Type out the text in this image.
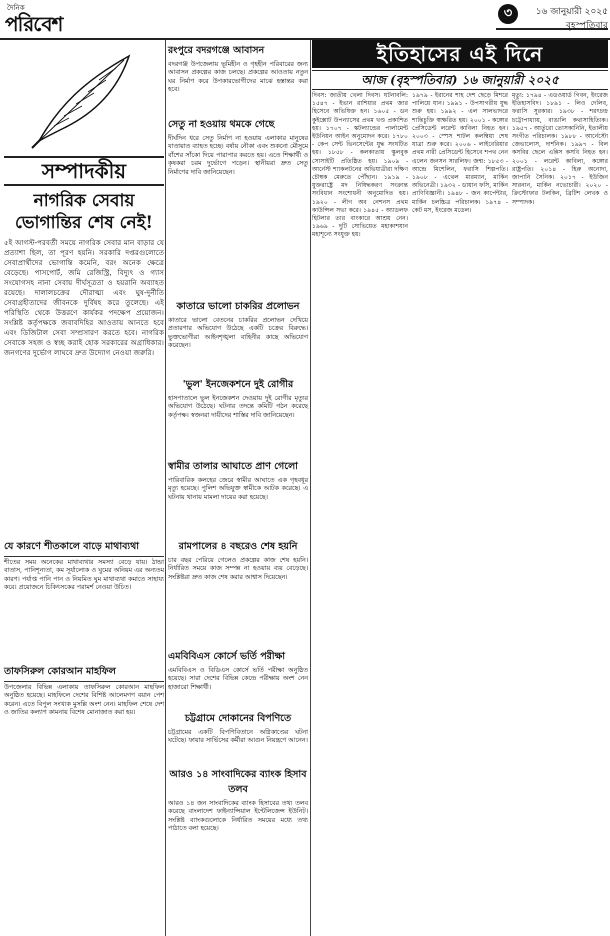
দৈনিক
পরিবেশ	৩	১৬ জানুয়ারী ২০২৫
বৃহস্পতিবার
সম্পাদকীয়
নাগরিক সেবায় ভোগান্তির শেষ নেই!
৫ই আগস্ট-পরবর্তী সময়ে নাগরিক সেবার মান বাড়ার যে প্রত্যাশা ছিল, তা পূরণ হয়নি। সরকারি দপ্তরগুলোতে সেবাপ্রার্থীদের ভোগান্তি কমেনি, বরং অনেক ক্ষেত্রে বেড়েছে। পাসপোর্ট, জমি রেজিস্ট্রি, বিদ্যুৎ ও গ্যাস সংযোগসহ নানা সেবায় দীর্ঘসূত্রতা ও হয়রানি অব্যাহত রয়েছে। দালালচক্রের দৌরাত্ম্য এবং ঘুষ-দুর্নীতি সেবাগ্রহীতাদের জীবনকে দুর্বিষহ করে তুলেছে। এই পরিস্থিতি থেকে উত্তরণে কার্যকর পদক্ষেপ প্রয়োজন। সংশ্লিষ্ট কর্তৃপক্ষকে জবাবদিহির আওতায় আনতে হবে এবং ডিজিটাল সেবা সম্প্রসারণ করতে হবে। নাগরিক সেবাকে সহজ ও স্বচ্ছ করাই হোক সরকারের অগ্রাধিকার। জনগণের দুর্ভোগ লাঘবে দ্রুত উদ্যোগ নেওয়া জরুরি।
যে কারণে শীতকালে বাড়ে মাথাব্যথা
শীতের সময় অনেকের মাথাব্যথার সমস্যা বেড়ে যায়। ঠান্ডা বাতাস, পানিশূন্যতা, কম সূর্যালোক ও ঘুমের অনিয়ম এর অন্যতম কারণ। পর্যাপ্ত পানি পান ও নিয়মিত ঘুম মাথাব্যথা কমাতে সাহায্য করে। প্রয়োজনে চিকিৎসকের পরামর্শ নেওয়া উচিত।
তাফসিরুল কোরআন মাহফিল
উপজেলার বিভিন্ন এলাকায় তাফসিরুল কোরআন মাহফিল অনুষ্ঠিত হয়েছে। মাহফিলে দেশের বিশিষ্ট আলেমগণ বয়ান পেশ করেন। এতে বিপুল সংখ্যক মুসল্লি অংশ নেন। মাহফিল শেষে দেশ ও জাতির কল্যাণ কামনায় বিশেষ মোনাজাত করা হয়।
রংপুরে বদরগঞ্জে আবাসন
বদরগঞ্জ উপজেলায় ভূমিহীন ও গৃহহীন পরিবারের জন্য আবাসন প্রকল্পের কাজ চলছে। প্রকল্পের আওতায় নতুন ঘর নির্মাণ করে উপকারভোগীদের মাঝে হস্তান্তর করা হবে।
সেতু না হওয়ায় থমকে গেছে
দীর্ঘদিন ধরে সেতু নির্মাণ না হওয়ায় এলাকার মানুষের যাতায়াত ব্যাহত হচ্ছে। বর্ষায় নৌকা এবং শুকনো মৌসুমে বাঁশের সাঁকো দিয়ে পারাপার করতে হয়। এতে শিক্ষার্থী ও কৃষকরা চরম দুর্ভোগে পড়েন। স্থানীয়রা দ্রুত সেতু নির্মাণের দাবি জানিয়েছেন।
কাতারে ভালো চাকরির প্রলোভন
কাতারে ভালো বেতনের চাকরির প্রলোভন দেখিয়ে প্রতারণার অভিযোগ উঠেছে একটি চক্রের বিরুদ্ধে। ভুক্তভোগীরা আইনশৃঙ্খলা বাহিনীর কাছে অভিযোগ করেছেন।
'ভুল' ইনজেকশনে দুই রোগীর
হাসপাতালে ভুল ইনজেকশন দেওয়ায় দুই রোগীর মৃত্যুর অভিযোগ উঠেছে। ঘটনার তদন্তে কমিটি গঠন করেছে কর্তৃপক্ষ। স্বজনরা দায়ীদের শাস্তির দাবি জানিয়েছেন।
স্বামীর তালার আঘাতে প্রাণ গেলো
পারিবারিক কলহের জেরে স্বামীর আঘাতে এক গৃহবধূর মৃত্যু হয়েছে। পুলিশ অভিযুক্ত স্বামীকে আটক করেছে। এ ঘটনায় থানায় মামলা দায়ের করা হয়েছে।
রামপালের ৪ বছরেও শেষ হয়নি
চার বছর পেরিয়ে গেলেও প্রকল্পের কাজ শেষ হয়নি। নির্ধারিত সময়ে কাজ সম্পন্ন না হওয়ায় ব্যয় বেড়েছে। সংশ্লিষ্টরা দ্রুত কাজ শেষ করার আশ্বাস দিয়েছেন।
এমবিবিএস কোর্সে ভর্তি পরীক্ষা
এমবিবিএস ও বিডিএস কোর্সে ভর্তি পরীক্ষা অনুষ্ঠিত হয়েছে। সারা দেশের বিভিন্ন কেন্দ্রে পরীক্ষায় অংশ নেন হাজারো শিক্ষার্থী।
চট্টগ্রামে দোকানের বিপণিতে
চট্টগ্রামের একটি বিপণিবিতানে অগ্নিকাণ্ডের ঘটনা ঘটেছে। ফায়ার সার্ভিসের কর্মীরা আগুন নিয়ন্ত্রণে আনেন।
আরও ১৪ সাংবাদিকের ব্যাংক হিসাব তলব
আরও ১৪ জন সাংবাদিকের ব্যাংক হিসাবের তথ্য তলব করেছে বাংলাদেশ ফাইন্যান্সিয়াল ইন্টেলিজেন্স ইউনিট। সংশ্লিষ্ট ব্যাংকগুলোকে নির্ধারিত সময়ের মধ্যে তথ্য পাঠাতে বলা হয়েছে।
ইতিহাসের এই দিনে
আজ (বৃহস্পতিবার) ১৬ জানুয়ারী ২০২৫
দিবস: জাতীয় খেলা দিবস। ঘটনাবলি: ১৫৪৭ - ইভান রাশিয়ার প্রথম জার হিসেবে অভিষিক্ত হন। ১৬০৫ - ডন কুইক্সোট উপন্যাসের প্রথম খণ্ড প্রকাশিত হয়। ১৭০৭ - স্কটল্যান্ডের পার্লামেন্ট ইউনিয়ন আইন অনুমোদন করে। ১৭৮০ - কেপ সেন্ট ভিনসেন্টের যুদ্ধ সংঘটিত হয়। ১৮৫৮ - কলকাতায় স্কুলবুক সোসাইটি প্রতিষ্ঠিত হয়। ১৯০৯ - আর্নেস্ট শ্যাকলটনের অভিযাত্রীরা দক্ষিণ চৌম্বক মেরুতে পৌঁছান। ১৯১৯ - যুক্তরাষ্ট্রে মদ নিষিদ্ধকরণ সংক্রান্ত সংবিধান সংশোধনী অনুমোদিত হয়। ১৯২০ - লীগ অব নেশনস প্রথম কাউন্সিল সভা করে। ১৯৪৫ - অ্যাডলফ হিটলার তার বাংকারে আশ্রয় নেন। ১৯৬৯ - দুটি সোভিয়েত মহাকাশযান মহাশূন্যে সংযুক্ত হয়।
১৯৭৯ - ইরানের শাহ দেশ ছেড়ে মিশরে পালিয়ে যান। ১৯৯১ - উপসাগরীয় যুদ্ধ শুরু হয়। ১৯৯২ - এল সালভাদরে শান্তিচুক্তি স্বাক্ষরিত হয়। ২০০১ - কঙ্গোর প্রেসিডেন্ট লরেন্ট কাবিলা নিহত হন। ২০০৩ - স্পেস শাটল কলম্বিয়া শেষ যাত্রা শুরু করে। ২০০৬ - লাইবেরিয়ার প্রথম নারী প্রেসিডেন্ট হিসেবে শপথ নেন এলেন জনসন সারলিফ। জন্ম: ১৮৫৩ - আন্দ্রে মিশেলিন, ফরাসি শিল্পপতি। ১৯০৮ - এথেল মারম্যান, মার্কিন অভিনেত্রী। ১৯৩২ - ডায়ান ফসি, মার্কিন প্রাণিবিজ্ঞানী। ১৯৪৮ - জন কার্পেন্টার, মার্কিন চলচ্চিত্র পরিচালক। ১৯৭৪ - কেট মস, ইংরেজ মডেল।
মৃত্যু: ১৭৯৪ - এডওয়ার্ড গিবন, ইংরেজ ইতিহাসবিদ। ১৮৯১ - লিও দেলিব, ফরাসি সুরকার। ১৯৩৮ - শরৎচন্দ্র চট্টোপাধ্যায়, বাঙালি কথাসাহিত্যিক। ১৯৫৭ - আর্তুরো তোসকানিনি, ইতালীয় সংগীত পরিচালক। ১৯৮৮ - আর্নেস্টো জেভালোস, দার্শনিক। ১৯৯৭ - বিল কসবির ছেলে এন্নিস কসবি নিহত হন। ২০০১ - লরেন্ট কাবিলা, কঙ্গোর রাষ্ট্রপতি। ২০১৪ - হিরু অনোদা, জাপানি সৈনিক। ২০১৭ - ইউজিন সারনান, মার্কিন নভোচারী। ২০২০ - ক্রিস্টোফার টলকিন, ব্রিটিশ লেখক ও সম্পাদক।
